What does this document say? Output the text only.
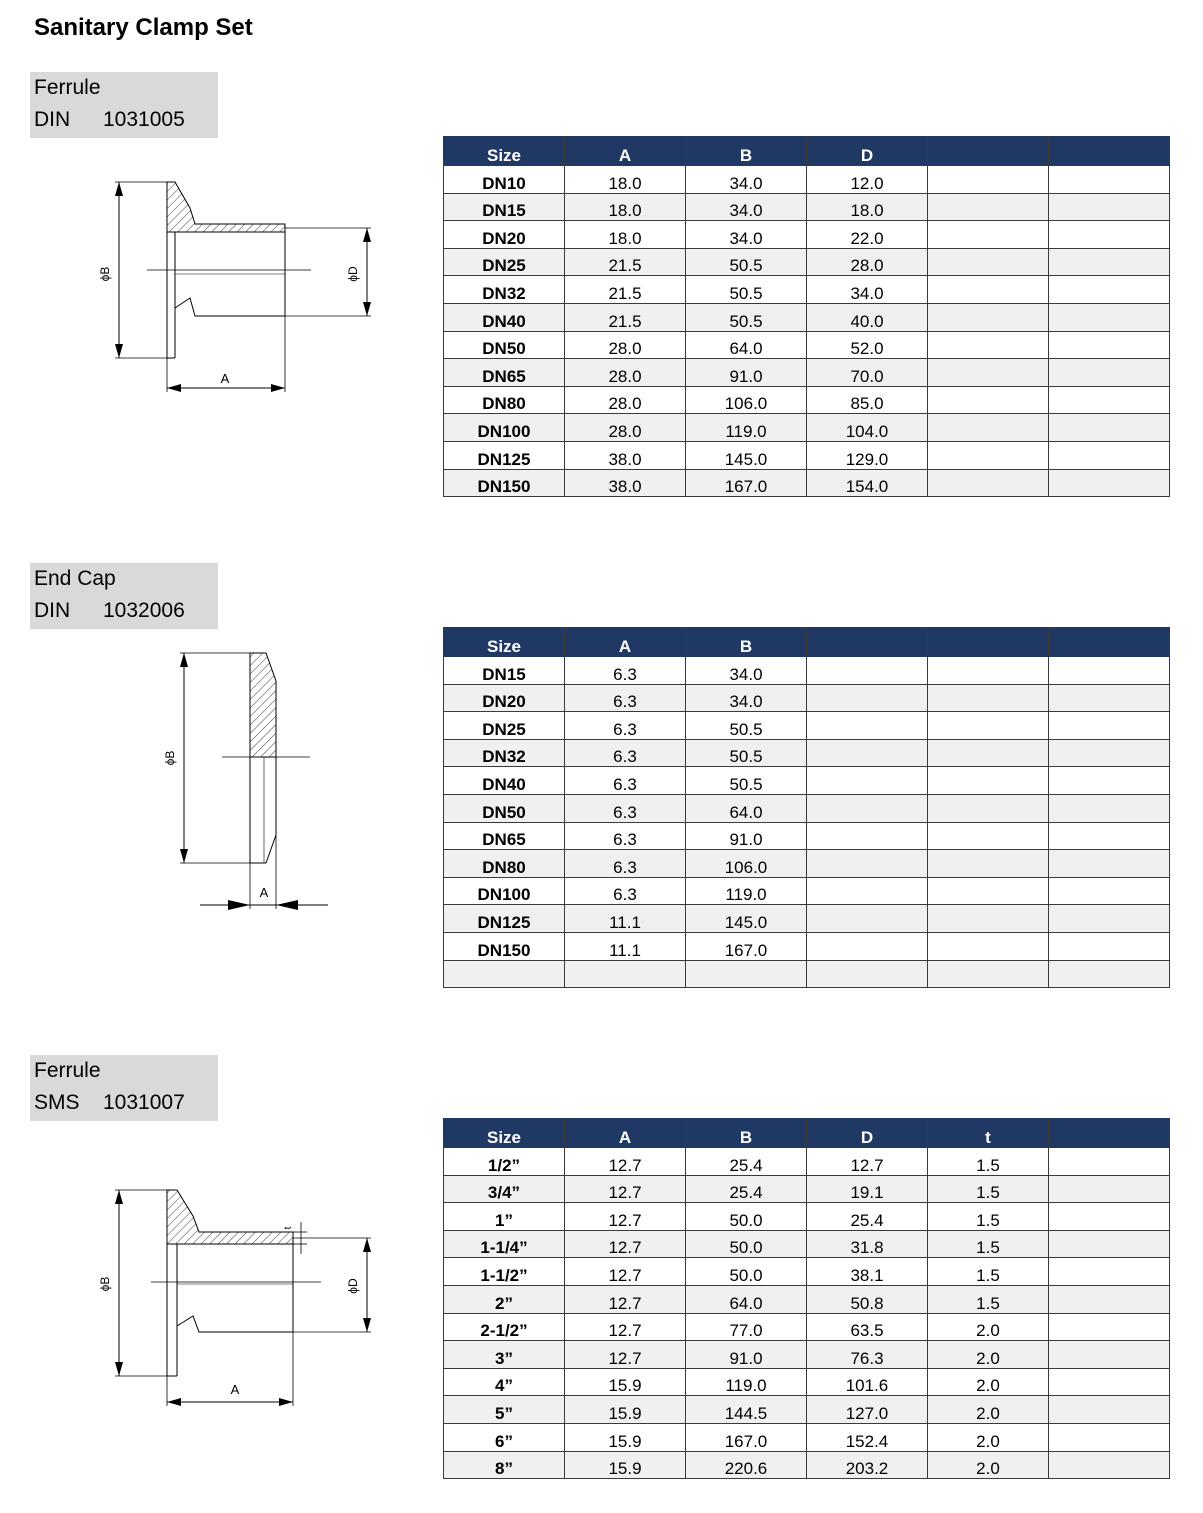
Sanitary Clamp Set
Ferrule
DIN 1031005
End Cap
DIN 1032006
Ferrule
SMS 1031007
ϕB	ϕD
A
ϕB
A
t
ϕB	ϕD
A
Size	A	B	D		
DN10	18.0	34.0	12.0		
DN15	18.0	34.0	18.0		
DN20	18.0	34.0	22.0		
DN25	21.5	50.5	28.0		
DN32	21.5	50.5	34.0		
DN40	21.5	50.5	40.0		
DN50	28.0	64.0	52.0		
DN65	28.0	91.0	70.0		
DN80	28.0	106.0	85.0		
DN100	28.0	119.0	104.0		
DN125	38.0	145.0	129.0		
DN150	38.0	167.0	154.0		
Size	A	B			
DN15	6.3	34.0			
DN20	6.3	34.0			
DN25	6.3	50.5			
DN32	6.3	50.5			
DN40	6.3	50.5			
DN50	6.3	64.0			
DN65	6.3	91.0			
DN80	6.3	106.0			
DN100	6.3	119.0			
DN125	11.1	145.0			
DN150	11.1	167.0			

Size	A	B	D	t	
1/2”	12.7	25.4	12.7	1.5	
3/4”	12.7	25.4	19.1	1.5	
1”	12.7	50.0	25.4	1.5	
1-1/4”	12.7	50.0	31.8	1.5	
1-1/2”	12.7	50.0	38.1	1.5	
2”	12.7	64.0	50.8	1.5	
2-1/2”	12.7	77.0	63.5	2.0	
3”	12.7	91.0	76.3	2.0	
4”	15.9	119.0	101.6	2.0	
5”	15.9	144.5	127.0	2.0	
6”	15.9	167.0	152.4	2.0	
8”	15.9	220.6	203.2	2.0	
